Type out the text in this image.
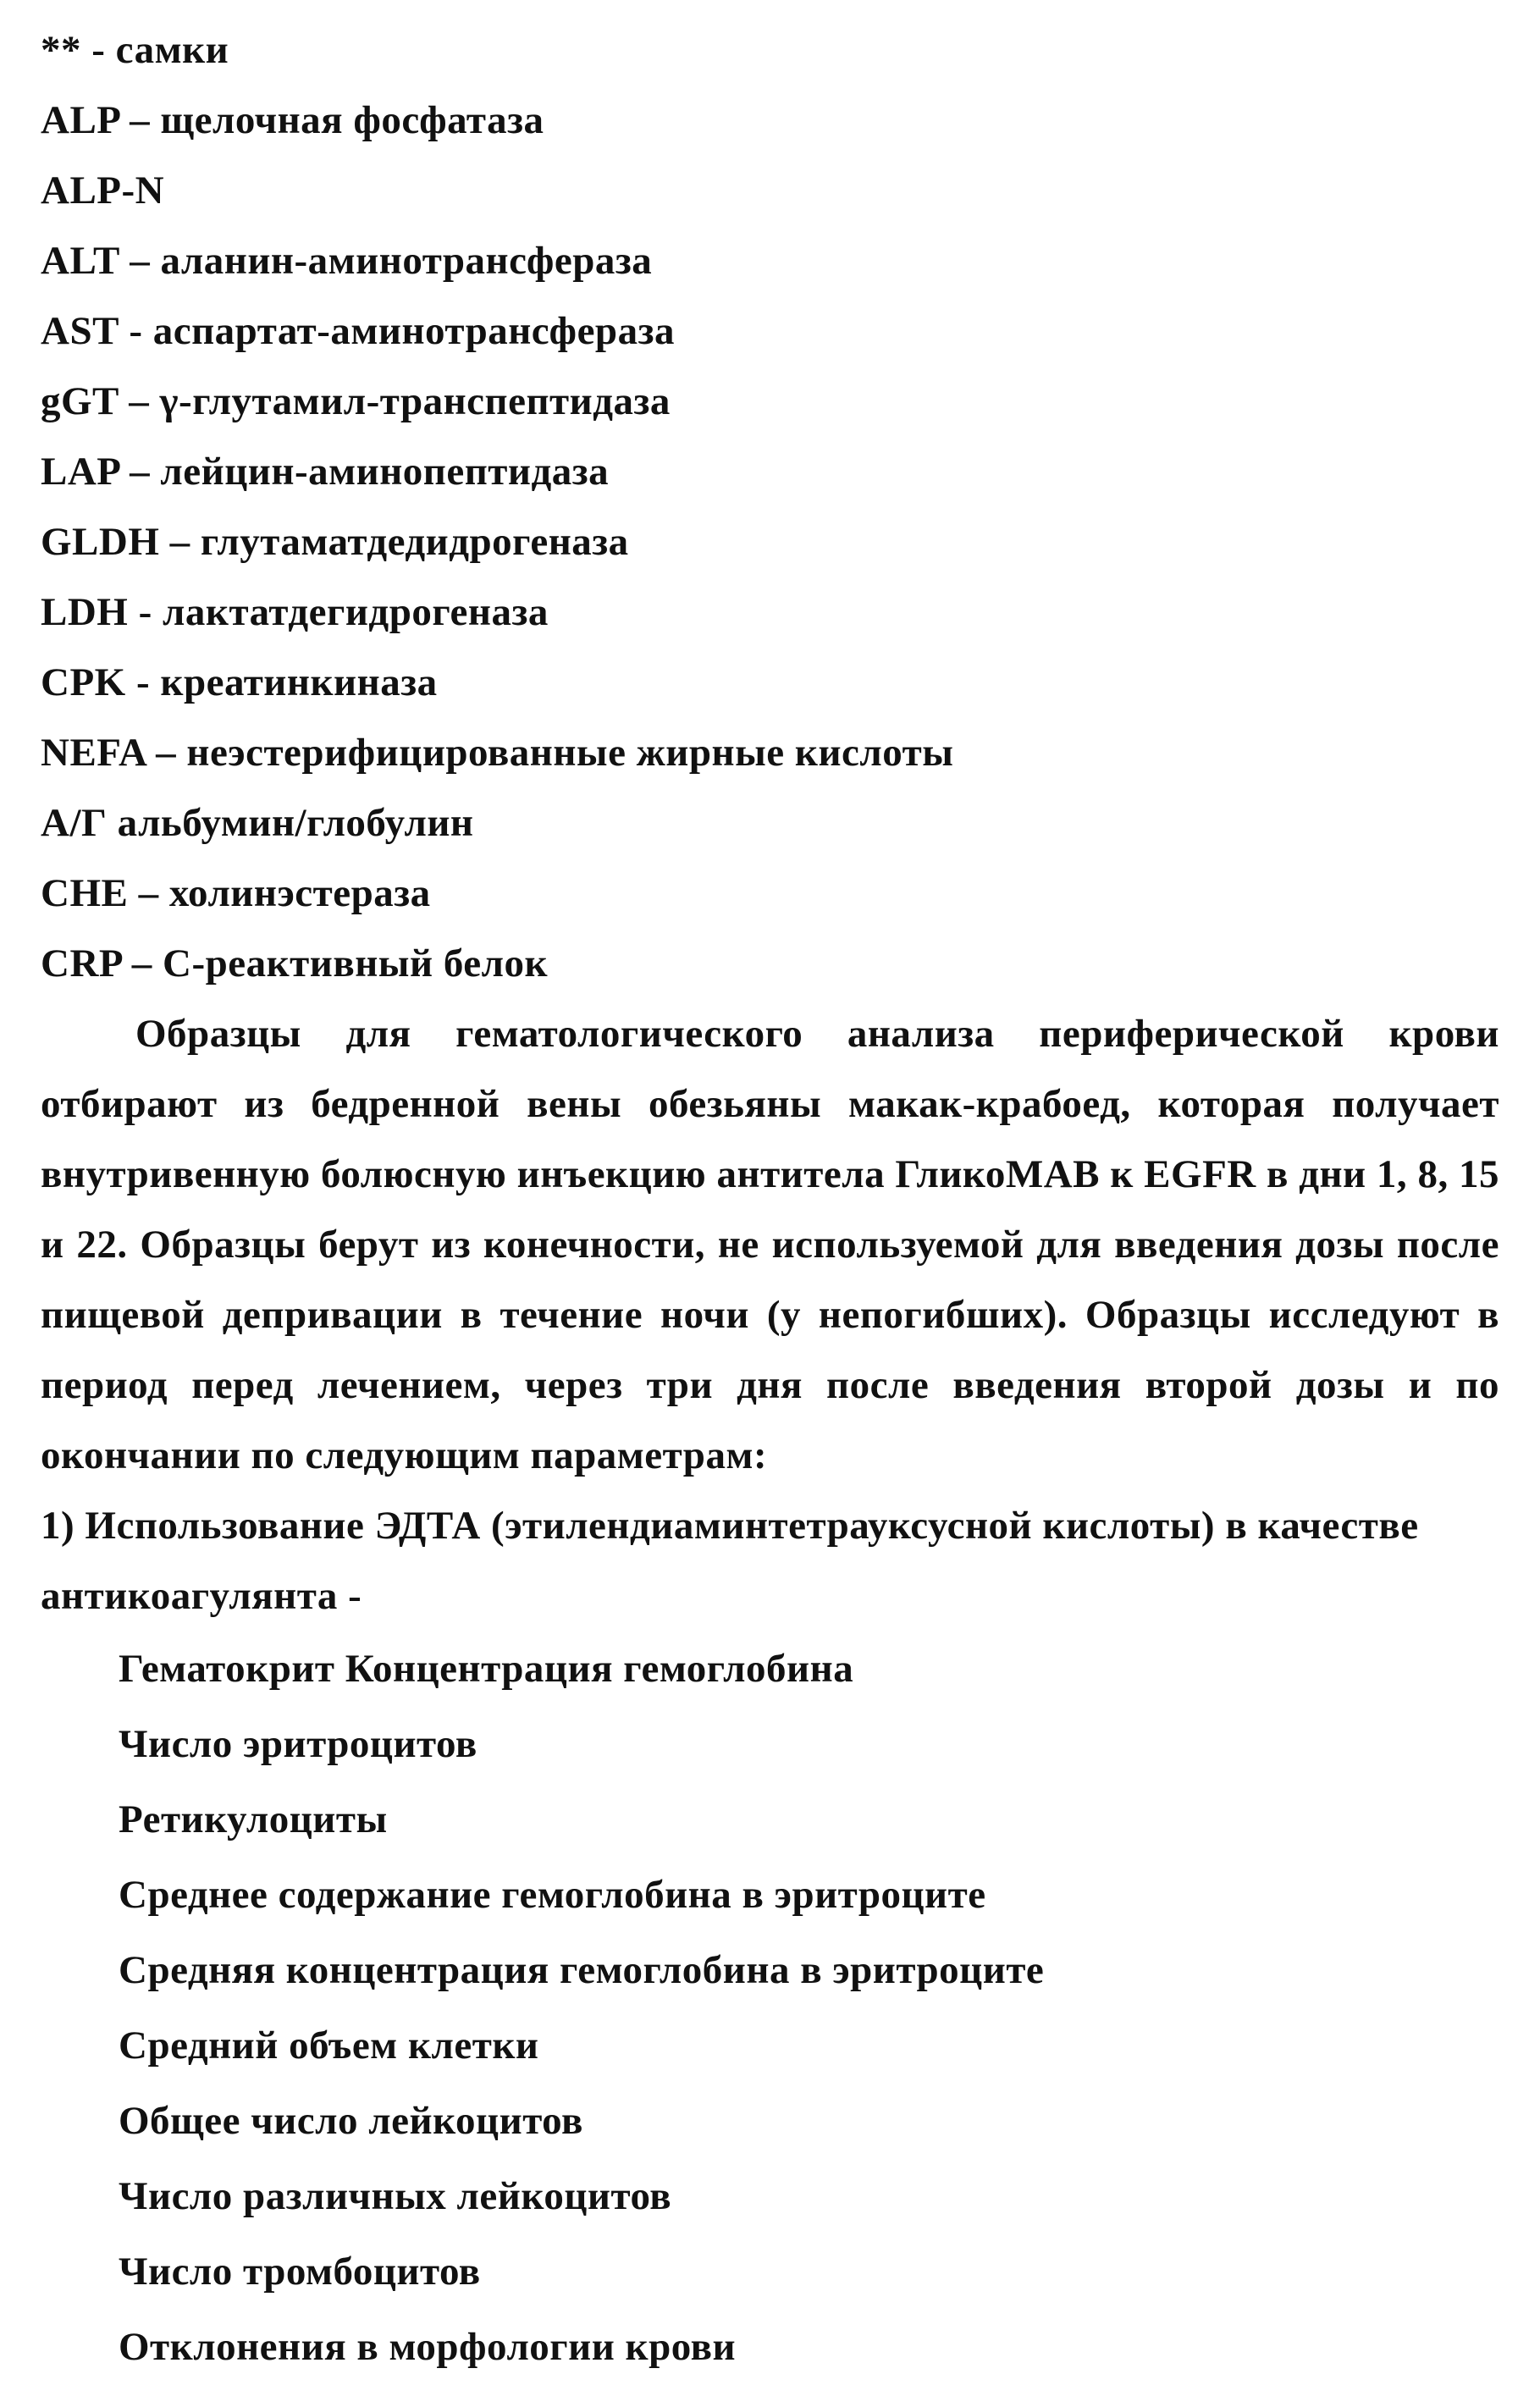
** - самки
ALP – щелочная фосфатаза
ALP-N
ALT – аланин-аминотрансфераза
AST - аспартат-аминотрансфераза
gGT – γ-глутамил-транспептидаза
LAP – лейцин-аминопептидаза
GLDH – глутаматдедидрогеназа
LDH - лактатдегидрогеназа
CPK - креатинкиназа
NEFA – неэстерифицированные жирные кислоты
А/Г альбумин/глобулин
CHE – холинэстераза
CRP – С-реактивный белок

Образцы для гематологического анализа периферической крови отбирают из бедренной вены обезьяны макак-крабоед, которая получает внутривенную болюсную инъекцию антитела ГликоМАВ к EGFR в дни 1, 8, 15 и 22. Образцы берут из конечности, не используемой для введения дозы после пищевой депривации в течение ночи (у непогибших). Образцы исследуют в период перед лечением, через три дня после введения второй дозы и по окончании по следующим параметрам:

1) Использование ЭДТА (этилендиаминтетрауксусной кислоты) в качестве антикоагулянта -

Гематокрит Концентрация гемоглобина
Число эритроцитов
Ретикулоциты
Среднее содержание гемоглобина в эритроците
Средняя концентрация гемоглобина в эритроците
Средний объем клетки
Общее число лейкоцитов
Число различных лейкоцитов
Число тромбоцитов
Отклонения в морфологии крови
